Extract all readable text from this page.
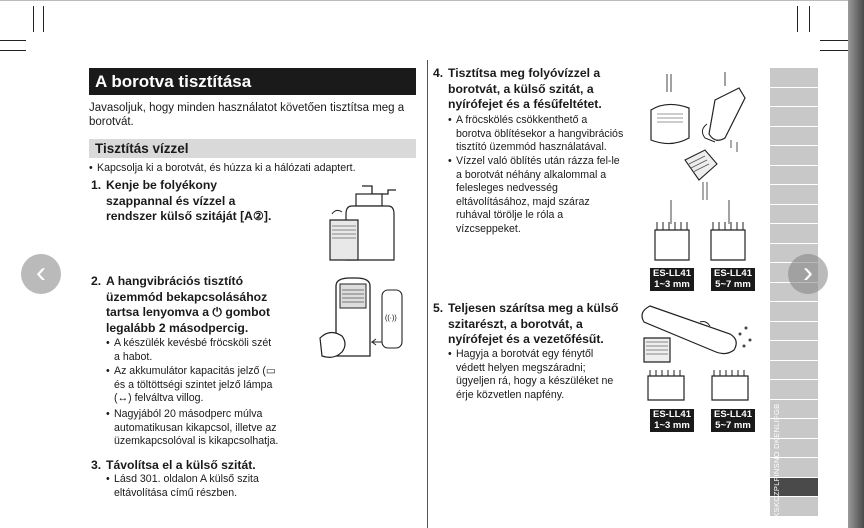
A borotva tisztítása
Javasoljuk, hogy minden használatot követően tisztítsa meg a borotvát.
Tisztítás vízzel
• Kapcsolja ki a borotvát, és húzza ki a hálózati adaptert.
1. Kenje be folyékony
szappannal és vízzel a
rendszer külső szitáját [A②].
2. A hangvibrációs tisztító
üzemmód bekapcsolásához
tartsa lenyomva a ⏻ gombot
legalább 2 másodpercig.
• A készülék kevésbé fröcsköli szét
a habot.
• Az akkumulátor kapacitás jelző (▭
és a töltöttségi szintet jelző lámpa
(↔) felváltva villog.
• Nagyjából 20 másodperc múlva
automatikusan kikapcsol, illetve az
üzemkapcsolóval is kikapcsolhatja.
3. Távolítsa el a külső szitát.
• Lásd 301. oldalon A külső szita
eltávolítása című részben.
((·))
4. Tisztítsa meg folyóvízzel a
borotvát, a külső szitát, a
nyírófejet és a fésűfeltétet.
• A fröcskölés csökkenthető a
borotva öblítésekor a hangvibrációs
tisztító üzemmód használatával.
• Vízzel való öblítés után rázza fel-le
a borotvát néhány alkalommal a
felesleges nedvesség
eltávolításához, majd száraz
ruhával törölje le róla a
vízcseppeket.
5. Teljesen szárítsa meg a külső
szitarészt, a borotvát, a
nyírófejet és a vezetőfésűt.
• Hagyja a borotvát egy fénytől
védett helyen megszáradni;
ügyeljen rá, hogy a készüléket ne
érje közvetlen napfény.
ES-LL41
1~3 mm
ES-LL41
5~7 mm
ES-LL41
1~3 mm
ES-LL41
5~7 mm	IKSKCZPLFINSNO DKENLIFGB
‹	›
